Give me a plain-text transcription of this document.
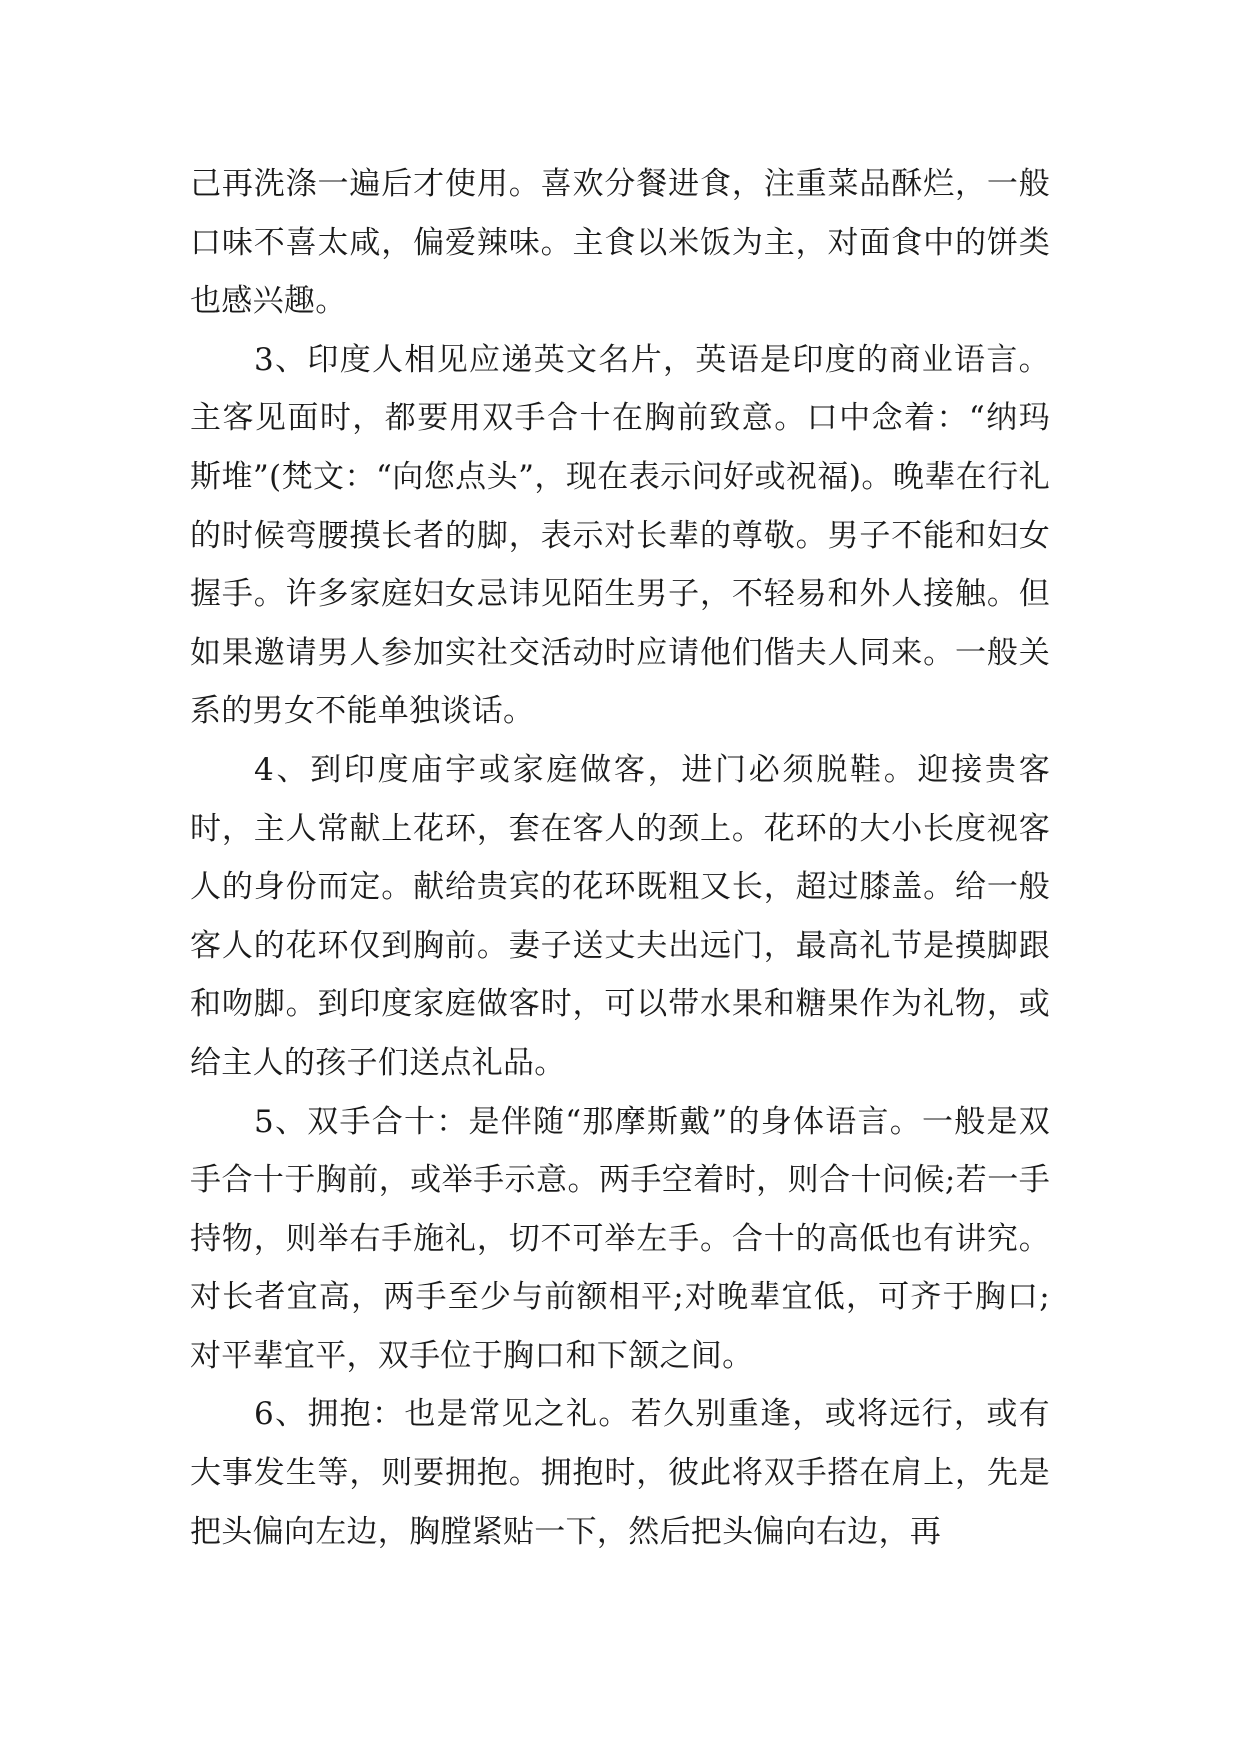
己再洗涤一遍后才使用。喜欢分餐进食，注重菜品酥烂，一般口味不喜太咸，偏爱辣味。主食以米饭为主，对面食中的饼类也感兴趣。

3、印度人相见应递英文名片，英语是印度的商业语言。主客见面时，都要用双手合十在胸前致意。口中念着：“纳玛斯堆”(梵文：“向您点头”，现在表示问好或祝福)。晚辈在行礼的时候弯腰摸长者的脚，表示对长辈的尊敬。男子不能和妇女握手。许多家庭妇女忌讳见陌生男子，不轻易和外人接触。但如果邀请男人参加实社交活动时应请他们偕夫人同来。一般关系的男女不能单独谈话。

4、到印度庙宇或家庭做客，进门必须脱鞋。迎接贵客时，主人常献上花环，套在客人的颈上。花环的大小长度视客人的身份而定。献给贵宾的花环既粗又长，超过膝盖。给一般客人的花环仅到胸前。妻子送丈夫出远门，最高礼节是摸脚跟和吻脚。到印度家庭做客时，可以带水果和糖果作为礼物，或给主人的孩子们送点礼品。

5、双手合十：是伴随“那摩斯戴”的身体语言。一般是双手合十于胸前，或举手示意。两手空着时，则合十问候;若一手持物，则举右手施礼，切不可举左手。合十的高低也有讲究。对长者宜高，两手至少与前额相平;对晚辈宜低，可齐于胸口;对平辈宜平，双手位于胸口和下颔之间。

6、拥抱：也是常见之礼。若久别重逢，或将远行，或有大事发生等，则要拥抱。拥抱时，彼此将双手搭在肩上，先是把头偏向左边，胸膛紧贴一下，然后把头偏向右边，再
